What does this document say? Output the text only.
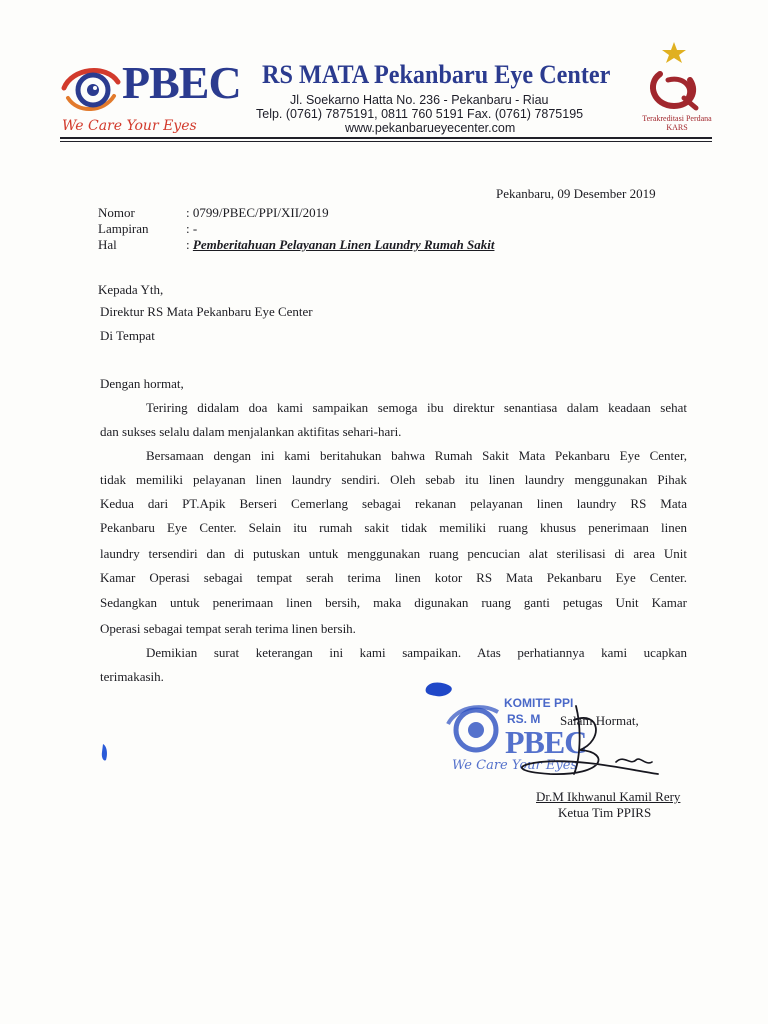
PBEC
We Care Your Eyes
RS MATA Pekanbaru Eye Center
Jl. Soekarno Hatta No. 236 - Pekanbaru - Riau
Telp. (0761) 7875191, 0811 760 5191 Fax. (0761) 7875195
www.pekanbarueyecenter.com
Terakreditasi Perdana
KARS
Pekanbaru, 09 Desember 2019
Nomor	: 0799/PBEC/PPI/XII/2019
Lampiran	: -
Hal	: Pemberitahuan Pelayanan Linen Laundry Rumah Sakit
Kepada Yth,
Direktur RS Mata Pekanbaru Eye Center
Di Tempat
Dengan hormat,
Teriring didalam doa kami sampaikan semoga ibu direktur senantiasa dalam keadaan sehat
dan sukses selalu dalam menjalankan aktifitas sehari-hari.
Bersamaan dengan ini kami beritahukan bahwa Rumah Sakit Mata Pekanbaru Eye Center,
tidak memiliki pelayanan linen laundry sendiri. Oleh sebab itu linen laundry menggunakan Pihak
Kedua dari PT.Apik Berseri Cemerlang sebagai rekanan pelayanan linen laundry RS Mata
Pekanbaru Eye Center. Selain itu rumah sakit tidak memiliki ruang khusus penerimaan linen
laundry tersendiri dan di putuskan untuk menggunakan ruang pencucian alat sterilisasi di area Unit
Kamar Operasi sebagai tempat serah terima linen kotor RS Mata Pekanbaru Eye Center.
Sedangkan untuk penerimaan linen bersih, maka digunakan ruang ganti petugas Unit Kamar
Operasi sebagai tempat serah terima linen bersih.
Demikian surat keterangan ini kami sampaikan. Atas perhatiannya kami ucapkan
terimakasih.
KOMITE PPI
RS. M
PBEC
We Care Your Eyes
Salam Hormat,
Dr.M Ikhwanul Kamil Rery
Ketua Tim PPIRS
